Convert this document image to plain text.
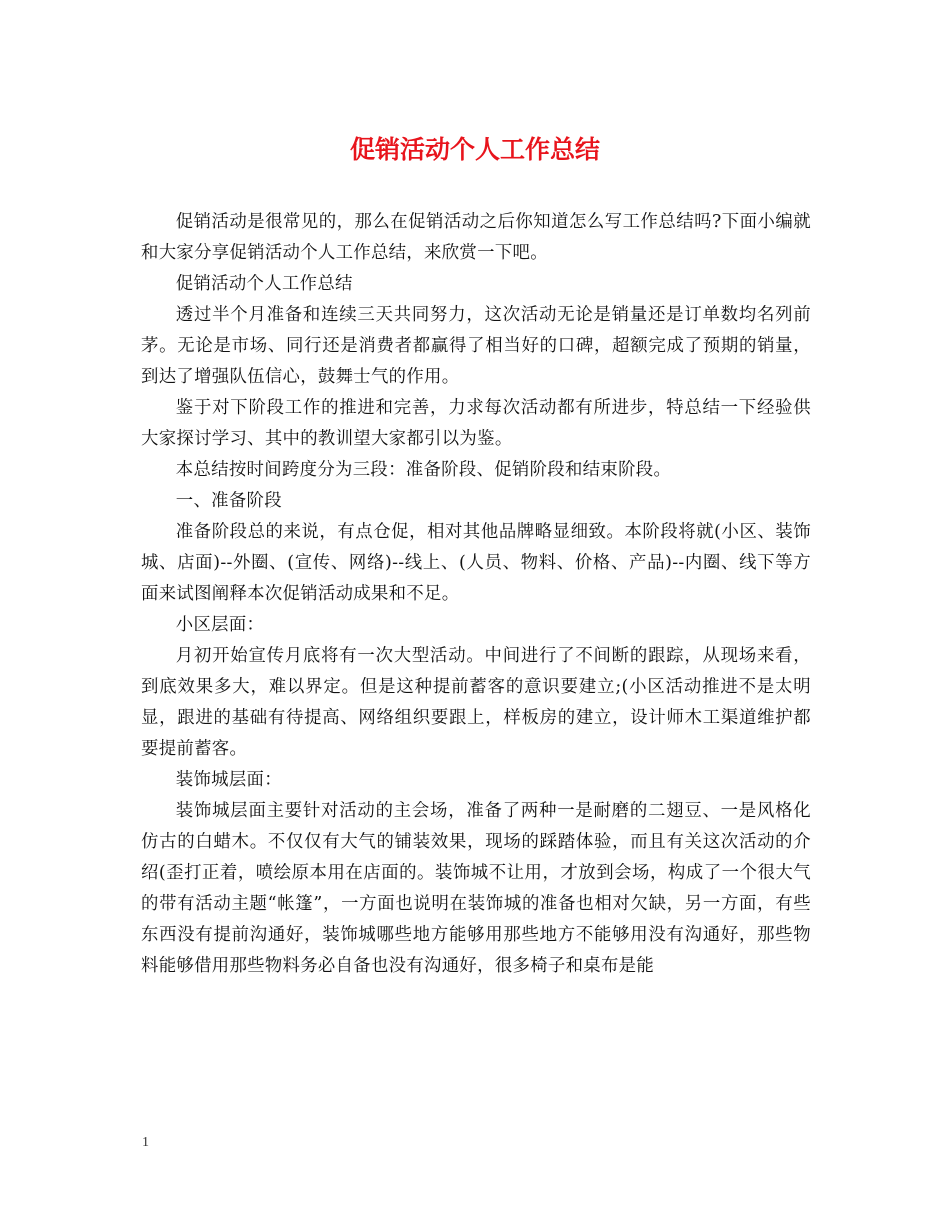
促销活动个人工作总结

促销活动是很常见的，那么在促销活动之后你知道怎么写工作总结吗?下面小编就和大家分享促销活动个人工作总结，来欣赏一下吧。

促销活动个人工作总结

透过半个月准备和连续三天共同努力，这次活动无论是销量还是订单数均名列前茅。无论是市场、同行还是消费者都赢得了相当好的口碑，超额完成了预期的销量，到达了增强队伍信心，鼓舞士气的作用。

鉴于对下阶段工作的推进和完善，力求每次活动都有所进步，特总结一下经验供大家探讨学习、其中的教训望大家都引以为鉴。

本总结按时间跨度分为三段：准备阶段、促销阶段和结束阶段。

一、准备阶段

准备阶段总的来说，有点仓促，相对其他品牌略显细致。本阶段将就(小区、装饰城、店面)--外圈、(宣传、网络)--线上、(人员、物料、价格、产品)--内圈、线下等方面来试图阐释本次促销活动成果和不足。

小区层面：

月初开始宣传月底将有一次大型活动。中间进行了不间断的跟踪，从现场来看，到底效果多大，难以界定。但是这种提前蓄客的意识要建立;(小区活动推进不是太明显，跟进的基础有待提高、网络组织要跟上，样板房的建立，设计师木工渠道维护都要提前蓄客。

装饰城层面：

装饰城层面主要针对活动的主会场，准备了两种一是耐磨的二翅豆、一是风格化仿古的白蜡木。不仅仅有大气的铺装效果，现场的踩踏体验，而且有关这次活动的介绍(歪打正着，喷绘原本用在店面的。装饰城不让用，才放到会场，构成了一个很大气的带有活动主题“帐篷”，一方面也说明在装饰城的准备也相对欠缺，另一方面，有些东西没有提前沟通好，装饰城哪些地方能够用那些地方不能够用没有沟通好，那些物料能够借用那些物料务必自备也没有沟通好，很多椅子和桌布是能

1
